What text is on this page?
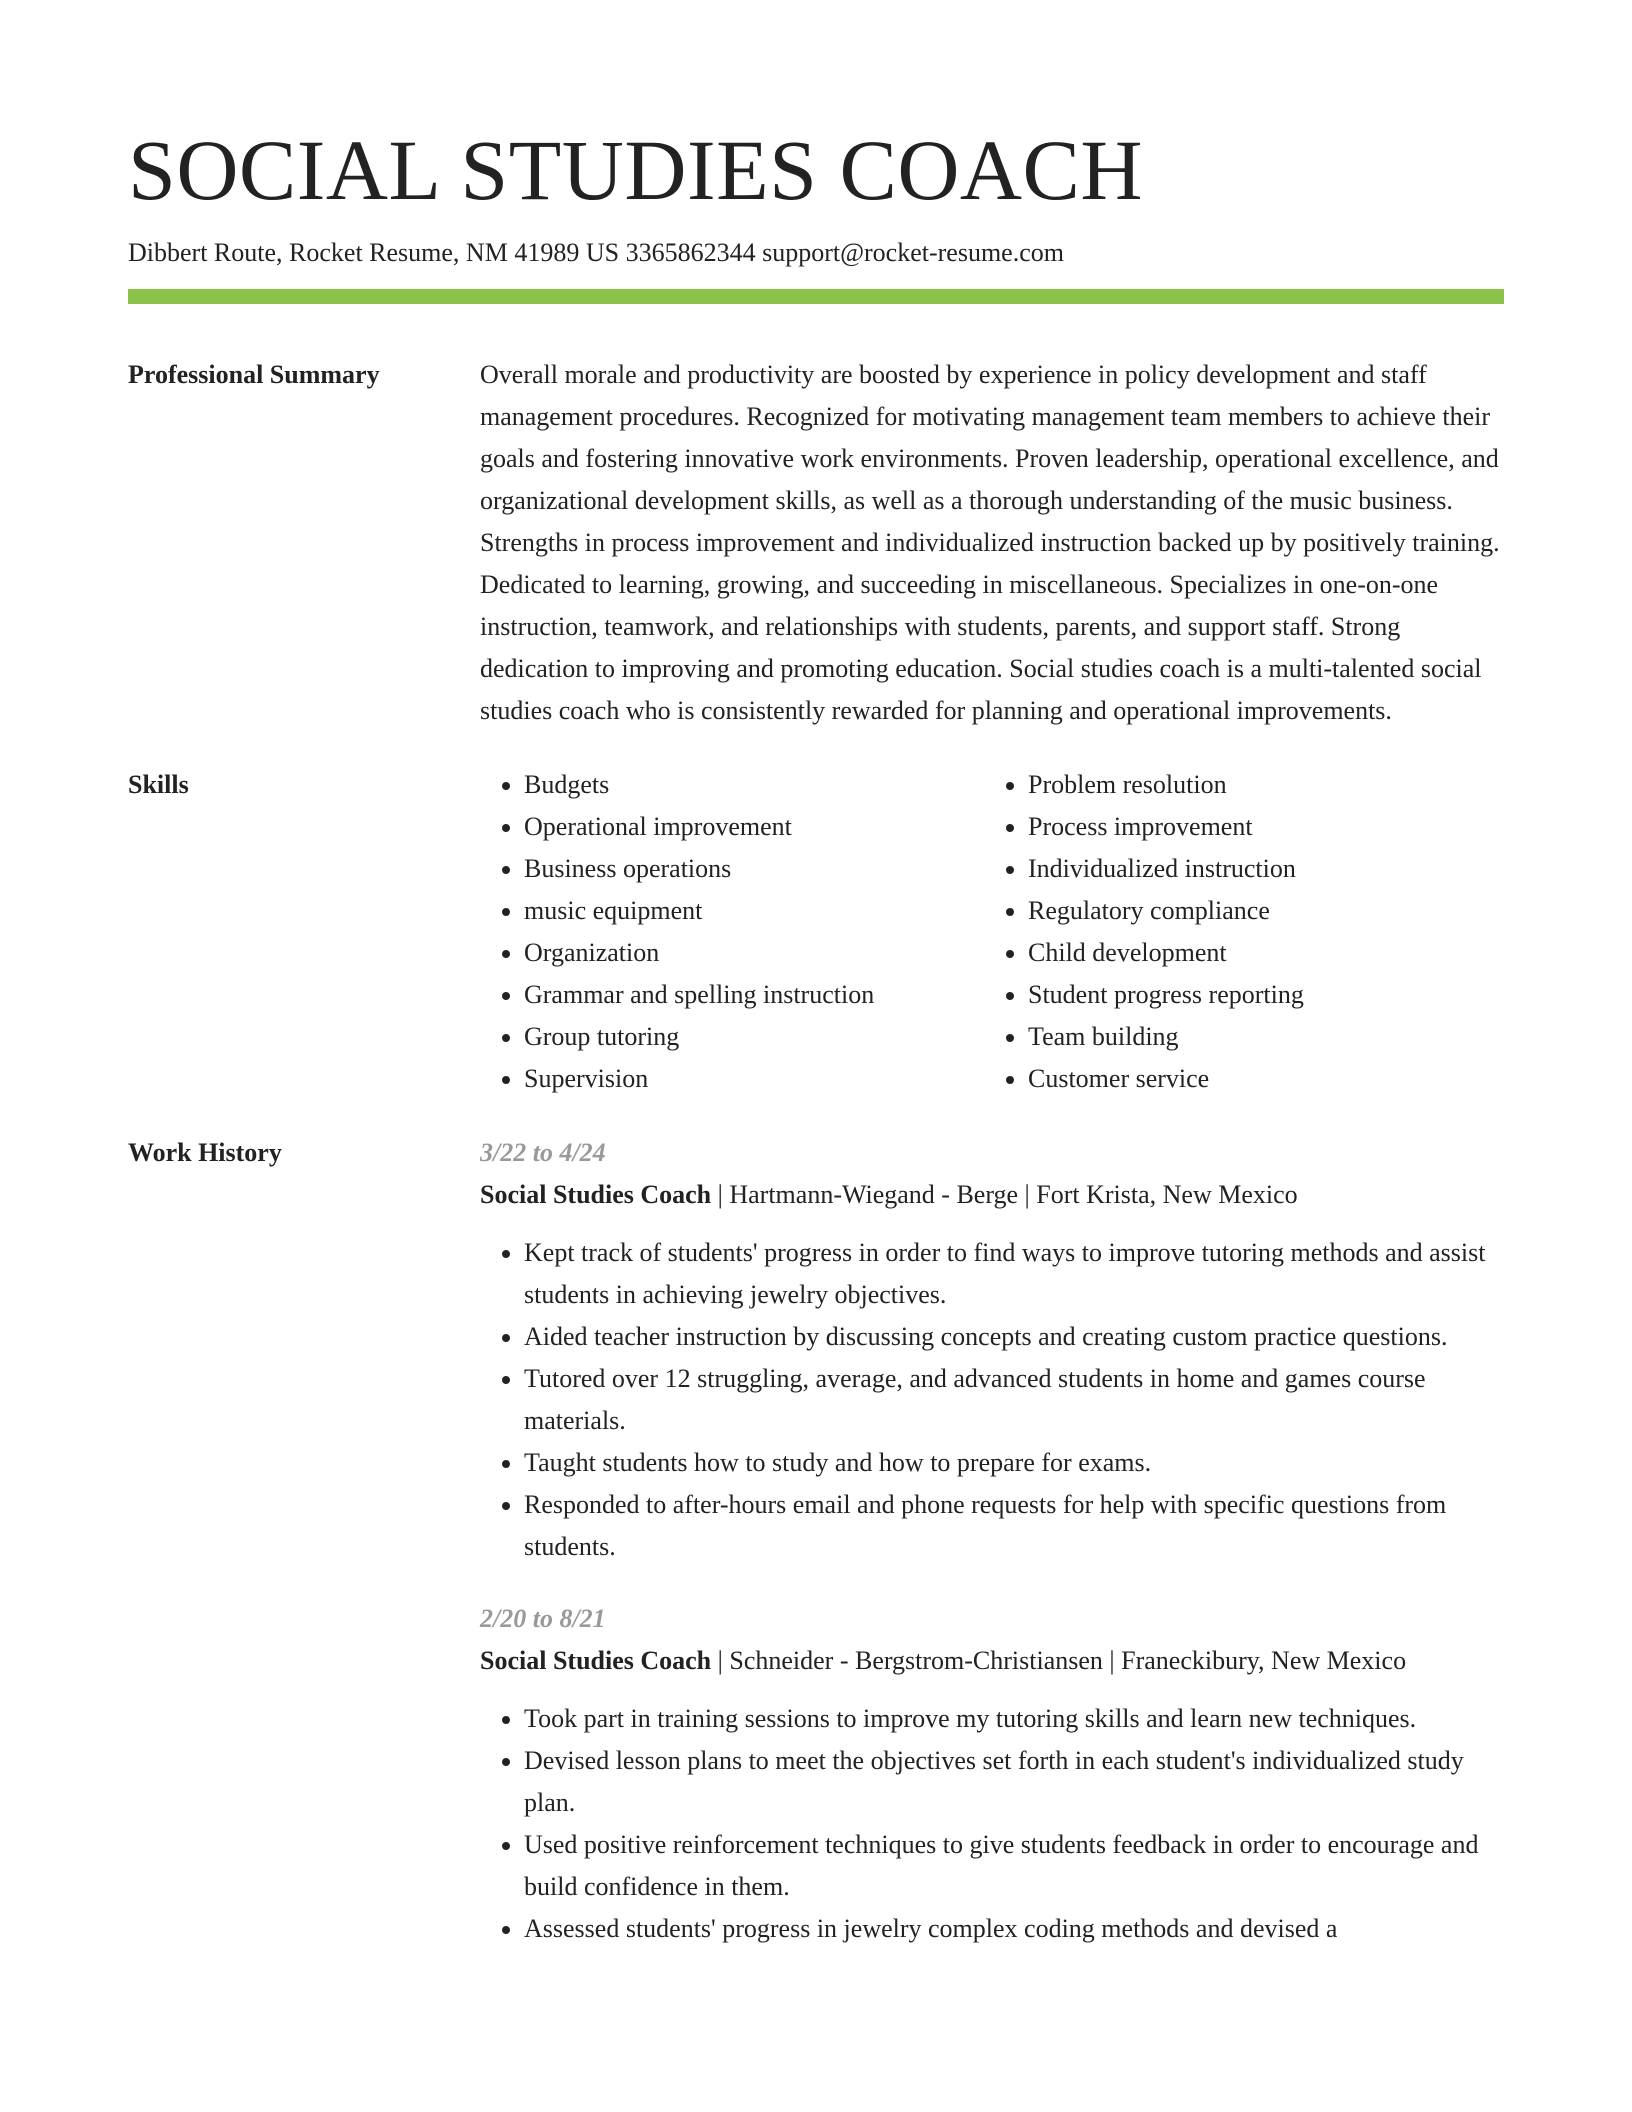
SOCIAL STUDIES COACH
Dibbert Route, Rocket Resume, NM 41989 US 3365862344 support@rocket-resume.com
Professional Summary	Overall morale and productivity are boosted by experience in policy development and staff management procedures. Recognized for motivating management team members to achieve their goals and fostering innovative work environments. Proven leadership, operational excellence, and organizational development skills, as well as a thorough understanding of the music business. Strengths in process improvement and individualized instruction backed up by positively training. Dedicated to learning, growing, and succeeding in miscellaneous. Specializes in one-on-one instruction, teamwork, and relationships with students, parents, and support staff. Strong dedication to improving and promoting education. Social studies coach is a multi-talented social studies coach who is consistently rewarded for planning and operational improvements.

Skills
•	Budgets
• Operational improvement
• Business operations
• music equipment
• Organization
• Grammar and spelling instruction
• Group tutoring
• Supervision
• Problem resolution
• Process improvement
• Individualized instruction
• Regulatory compliance
• Child development
• Student progress reporting
• Team building
• Customer service
Work History	3/22 to 4/24
Social Studies Coach | Hartmann-Wiegand - Berge | Fort Krista, New Mexico
• Kept track of students' progress in order to find ways to improve tutoring methods and assist students in achieving jewelry objectives.
• Aided teacher instruction by discussing concepts and creating custom practice questions.
• Tutored over 12 struggling, average, and advanced students in home and games course materials.
• Taught students how to study and how to prepare for exams.
• Responded to after-hours email and phone requests for help with specific questions from students.
2/20 to 8/21
Social Studies Coach | Schneider - Bergstrom-Christiansen | Franeckibury, New Mexico
• Took part in training sessions to improve my tutoring skills and learn new techniques.
• Devised lesson plans to meet the objectives set forth in each student's individualized study plan.
• Used positive reinforcement techniques to give students feedback in order to encourage and build confidence in them.
• Assessed students' progress in jewelry complex coding methods and devised a
